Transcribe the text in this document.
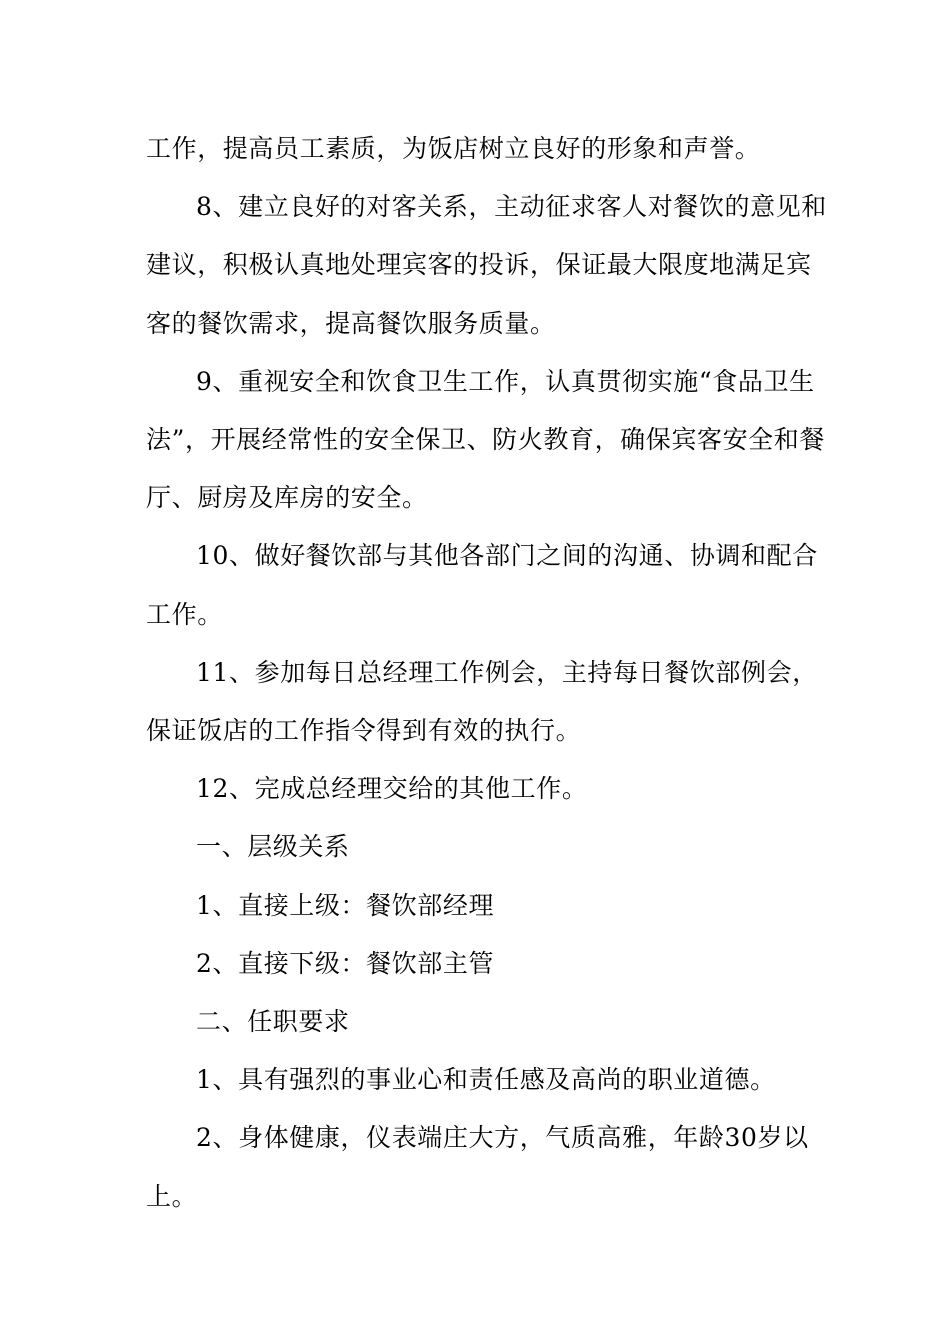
工作，提高员工素质，为饭店树立良好的形象和声誉。

8、建立良好的对客关系，主动征求客人对餐饮的意见和建议，积极认真地处理宾客的投诉，保证最大限度地满足宾客的餐饮需求，提高餐饮服务质量。

9、重视安全和饮食卫生工作，认真贯彻实施“食品卫生法”，开展经常性的安全保卫、防火教育，确保宾客安全和餐厅、厨房及库房的安全。

10、做好餐饮部与其他各部门之间的沟通、协调和配合工作。

11、参加每日总经理工作例会，主持每日餐饮部例会，保证饭店的工作指令得到有效的执行。

12、完成总经理交给的其他工作。

一、层级关系

1、直接上级：餐饮部经理

2、直接下级：餐饮部主管

二、任职要求

1、具有强烈的事业心和责任感及高尚的职业道德。

2、身体健康，仪表端庄大方，气质高雅，年龄30岁以上。
